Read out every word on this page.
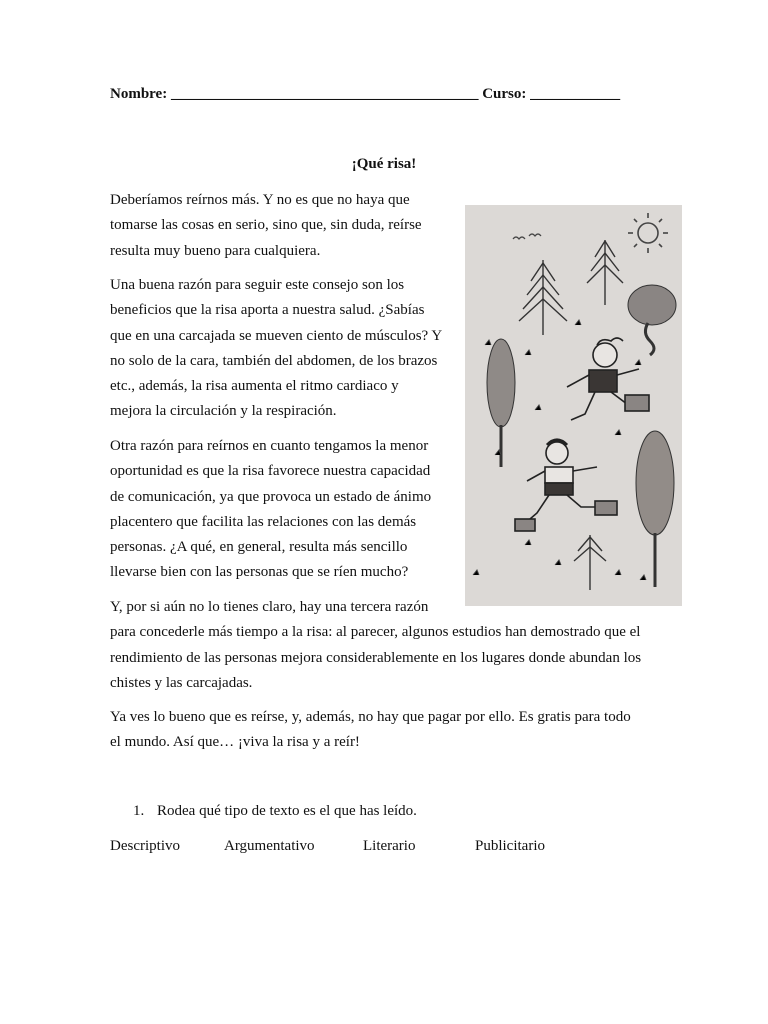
Nombre: _________________________________________ Curso: ____________
¡Qué risa!
Deberíamos reírnos más. Y no es que no haya que
tomarse las cosas en serio, sino que, sin duda, reírse
resulta muy bueno para cualquiera.
Una buena razón para seguir este consejo son los
beneficios que la risa aporta a nuestra salud. ¿Sabías
que en una carcajada se mueven ciento de músculos? Y
no solo de la cara, también del abdomen, de los brazos
etc., además, la risa aumenta el ritmo cardiaco y
mejora la circulación y la respiración.
Otra razón para reírnos en cuanto tengamos la menor
oportunidad es que la risa favorece nuestra capacidad
de comunicación, ya que provoca un estado de ánimo
placentero que facilita las relaciones con las demás
personas. ¿A qué, en general, resulta más sencillo
llevarse bien con las personas que se ríen mucho?
Y, por si aún no lo tienes claro, hay una tercera razón
para concederle más tiempo a la risa: al parecer, algunos estudios han demostrado que el
rendimiento de las personas mejora considerablemente en los lugares donde abundan los
chistes y las carcajadas.
Ya ves lo bueno que es reírse, y, además, no hay que pagar por ello. Es gratis para todo
el mundo. Así que… ¡viva la risa y a reír!
1. Rodea qué tipo de texto es el que has leído.
Descriptivo	Argumentativo	Literario	Publicitario
